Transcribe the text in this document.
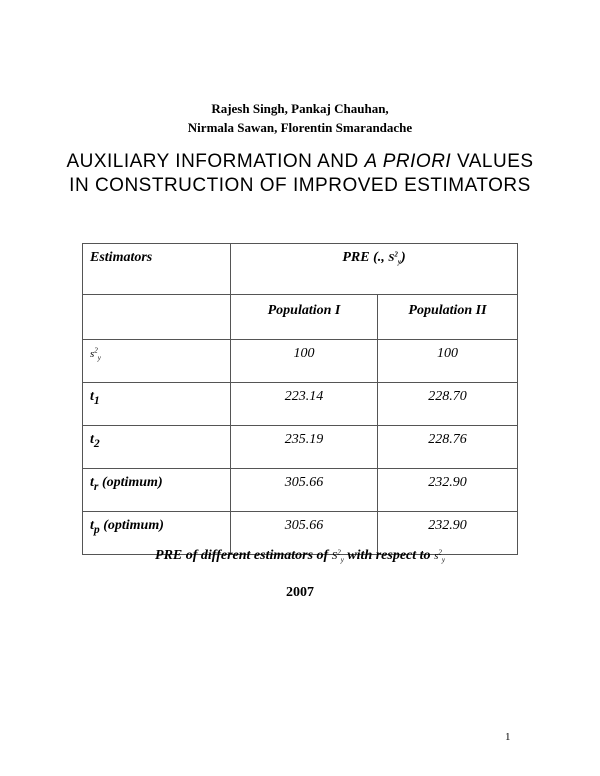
Rajesh Singh, Pankaj Chauhan,
Nirmala Sawan, Florentin Smarandache
AUXILIARY INFORMATION AND A PRIORI VALUES
IN CONSTRUCTION OF IMPROVED ESTIMATORS
Estimators	PRE (., $S^2_y$)	
	Population I	Population II
$s^2_y$	100	100
$t_1$	223.14	228.70
$t_2$	235.19	228.76
$t_r$ (optimum)	305.66	232.90
$t_p$ (optimum)	305.66	232.90
PRE of different estimators of $S^2_y$ with respect to $s^2_y$
2007
1
